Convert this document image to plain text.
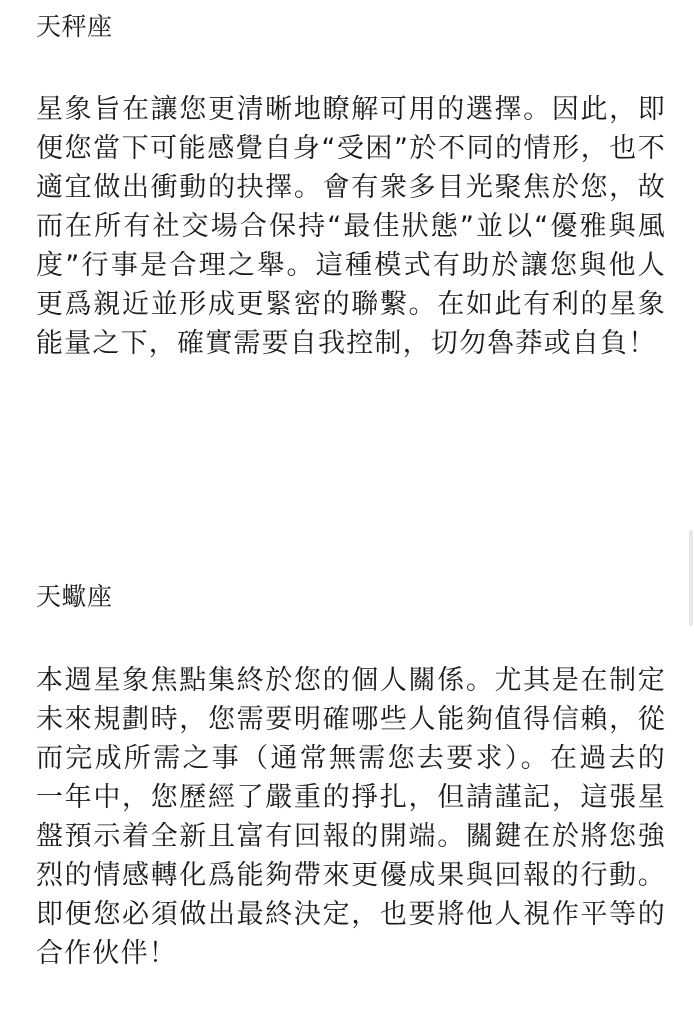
天秤座

星象旨在讓您更清晰地瞭解可用的選擇。因此，即便您當下可能感覺自身“受困”於不同的情形，也不適宜做出衝動的抉擇。會有衆多目光聚焦於您，故而在所有社交場合保持“最佳狀態”並以“優雅與風度”行事是合理之舉。這種模式有助於讓您與他人更爲親近並形成更緊密的聯繫。在如此有利的星象能量之下，確實需要自我控制，切勿魯莽或自負！

天蠍座

本週星象焦點集終於您的個人關係。尤其是在制定未來規劃時，您需要明確哪些人能夠值得信賴，從而完成所需之事（通常無需您去要求）。在過去的一年中，您歷經了嚴重的掙扎，但請謹記，這張星盤預示着全新且富有回報的開端。關鍵在於將您強烈的情感轉化爲能夠帶來更優成果與回報的行動。即便您必須做出最終決定，也要將他人視作平等的合作伙伴！
